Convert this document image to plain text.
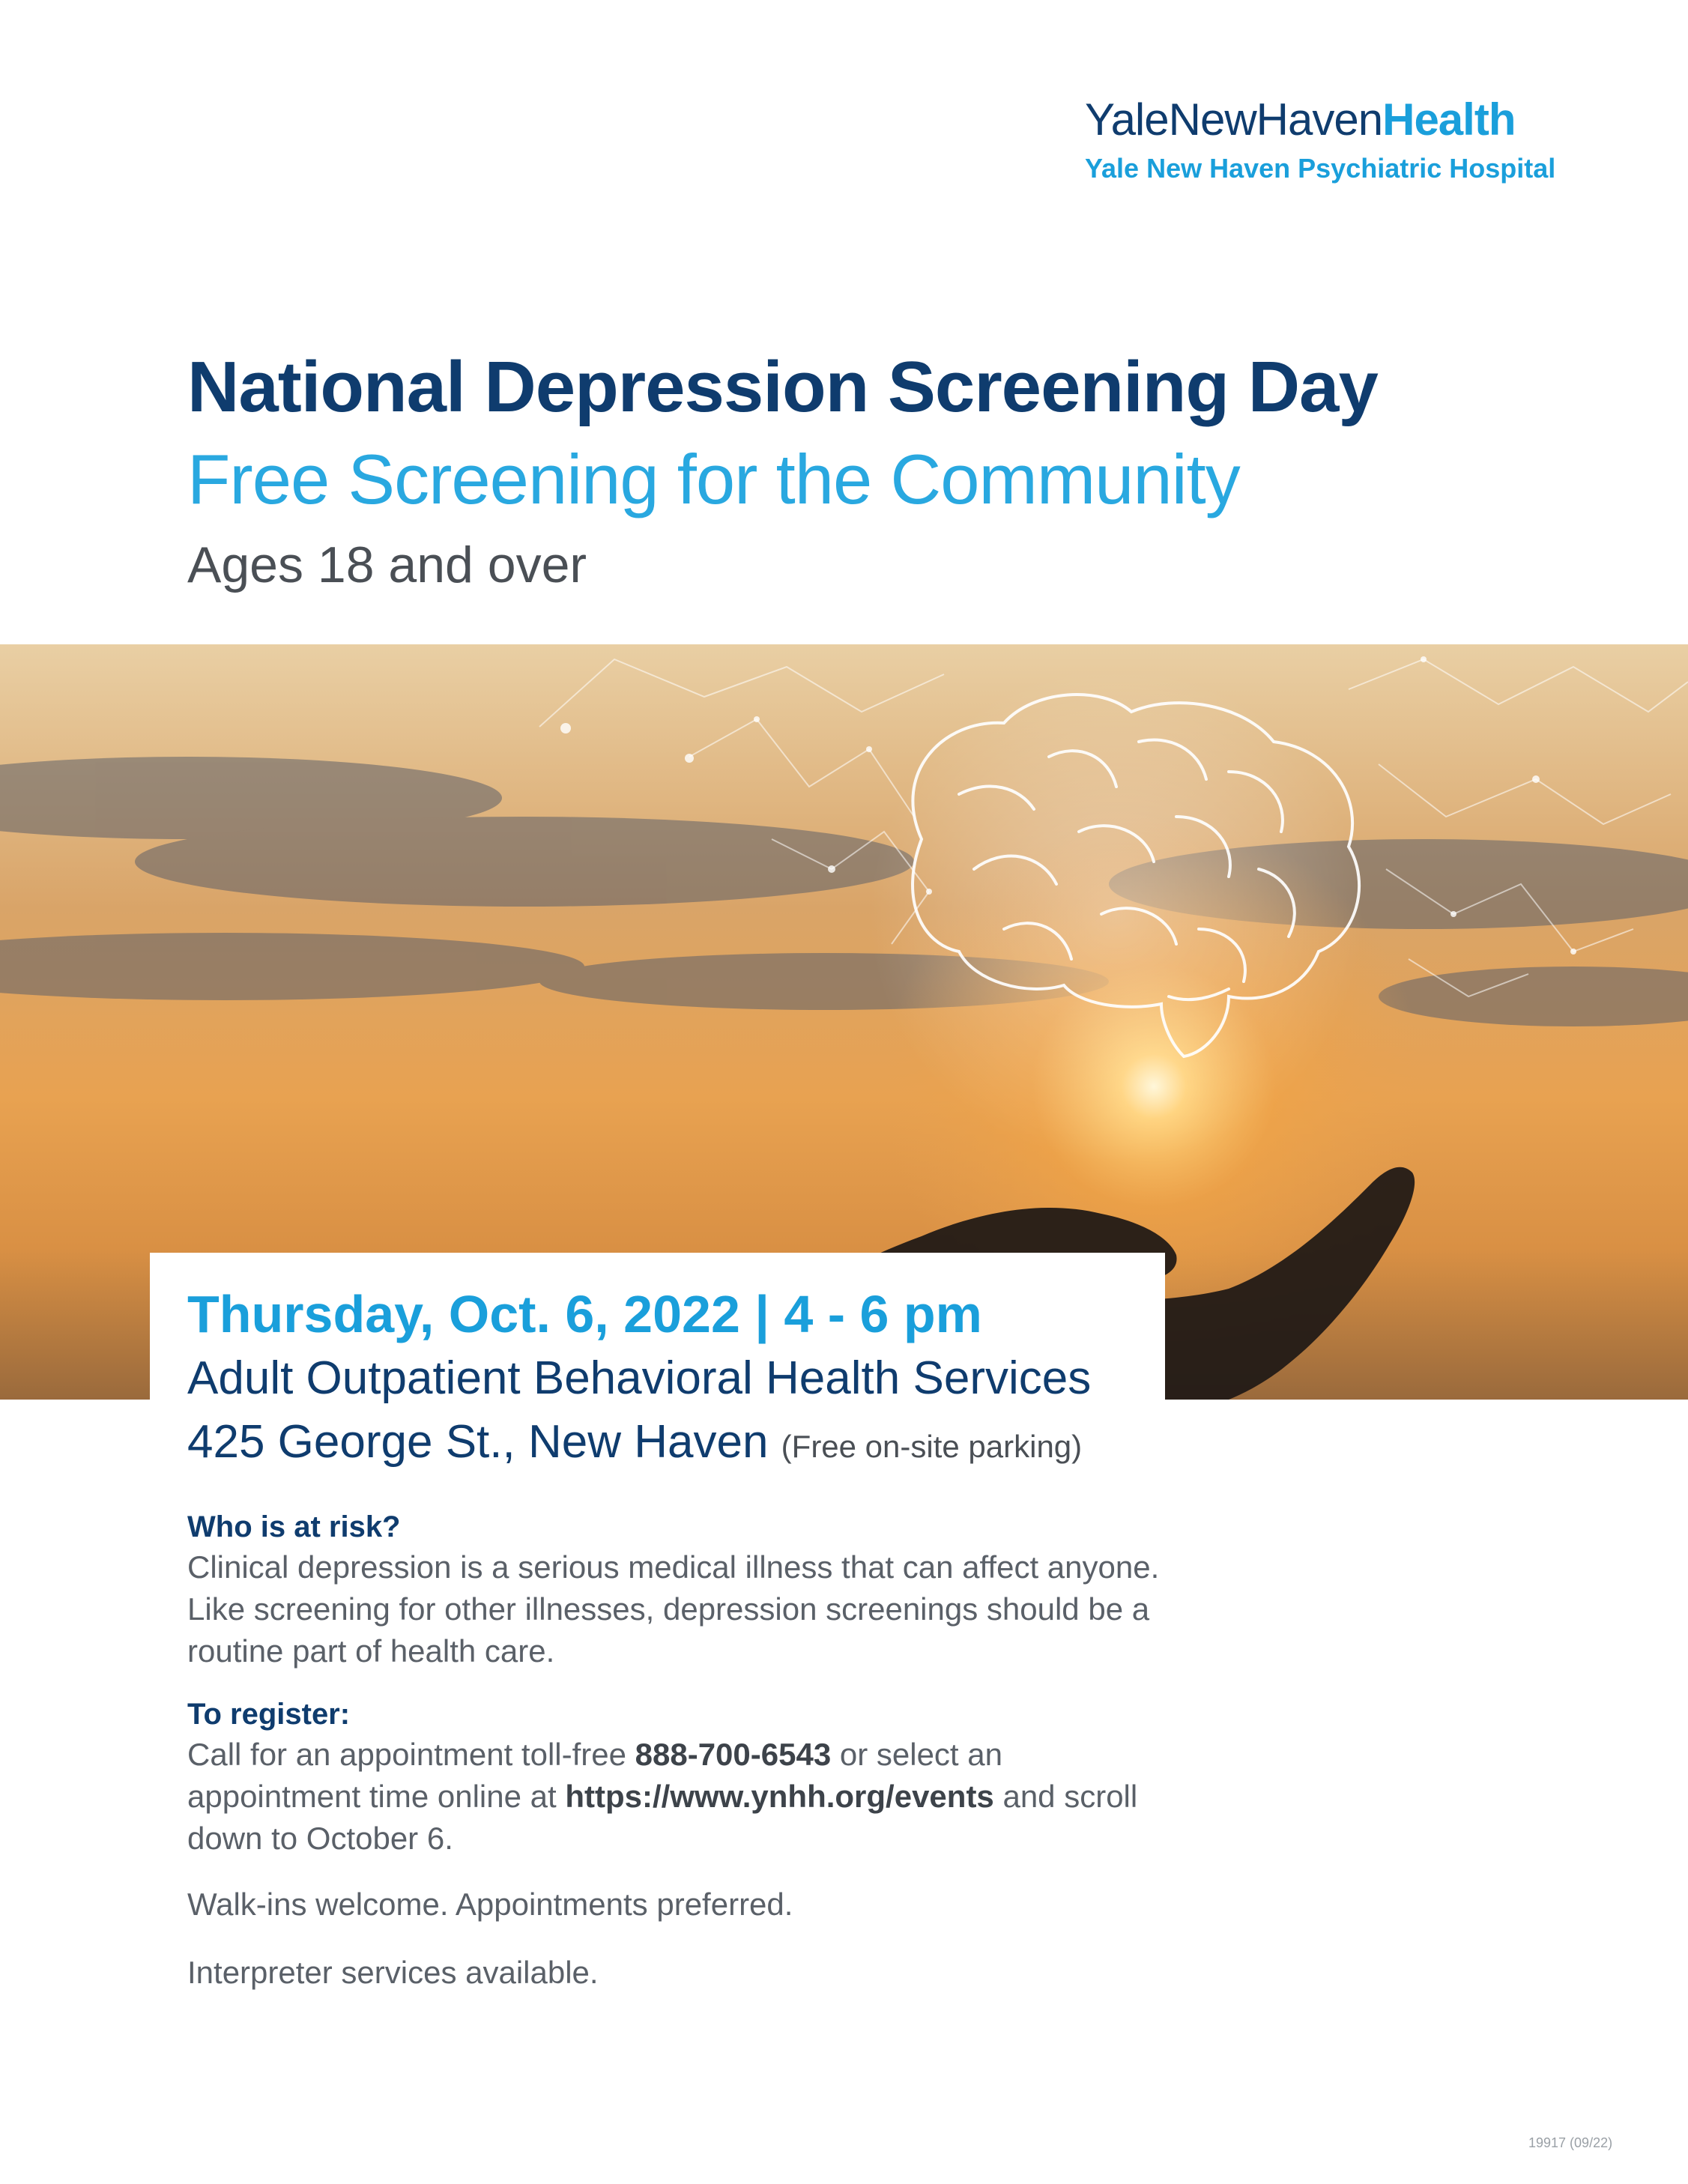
YaleNewHavenHealth
Yale New Haven Psychiatric Hospital
National Depression Screening Day
Free Screening for the Community
Ages 18 and over
Thursday, Oct. 6, 2022 | 4 - 6 pm
Adult Outpatient Behavioral Health Services
425 George St., New Haven (Free on-site parking)
Who is at risk?
Clinical depression is a serious medical illness that can affect anyone. Like screening for other illnesses, depression screenings should be a routine part of health care.
To register:
Call for an appointment toll-free 888-700-6543 or select an appointment time online at https://www.ynhh.org/events and scroll down to October 6.
Walk-ins welcome. Appointments preferred.
Interpreter services available.
19917 (09/22)
